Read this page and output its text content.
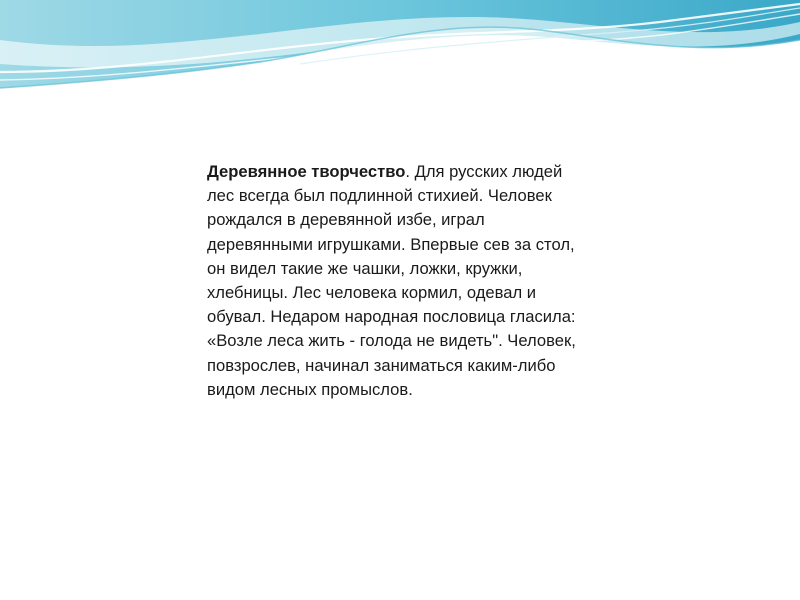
Деревянное творчество. Для русских людей лес всегда был подлинной стихией. Человек рождался в деревянной избе, играл деревянными игрушками. Впервые сев за стол, он видел такие же чашки, ложки, кружки, хлебницы. Лес человека кормил, одевал и обувал. Недаром народная пословица гласила: «Возле леса жить - голода не видеть". Человек, повзрослев, начинал заниматься каким-либо видом лесных промыслов.
